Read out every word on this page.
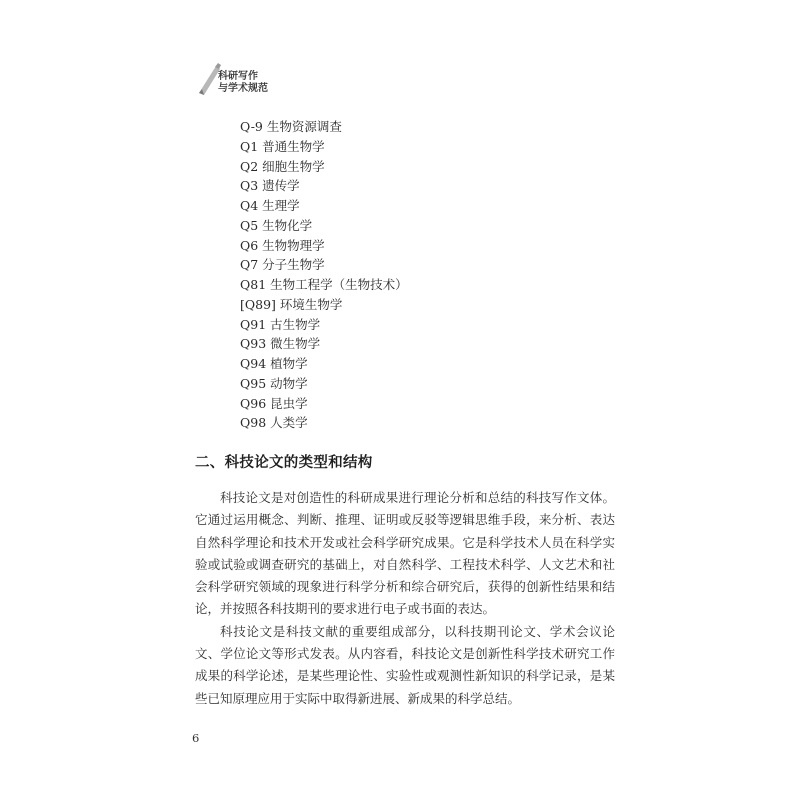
科研写作
与学术规范
Q-9 生物资源调查
Q1 普通生物学
Q2 细胞生物学
Q3 遗传学
Q4 生理学
Q5 生物化学
Q6 生物物理学
Q7 分子生物学
Q81 生物工程学（生物技术）
[Q89] 环境生物学
Q91 古生物学
Q93 微生物学
Q94 植物学
Q95 动物学
Q96 昆虫学
Q98 人类学
二、科技论文的类型和结构

科技论文是对创造性的科研成果进行理论分析和总结的科技写作文体。它通过运用概念、判断、推理、证明或反驳等逻辑思维手段，来分析、表达自然科学理论和技术开发或社会科学研究成果。它是科学技术人员在科学实验或试验或调查研究的基础上，对自然科学、工程技术科学、人文艺术和社会科学研究领域的现象进行科学分析和综合研究后，获得的创新性结果和结论，并按照各科技期刊的要求进行电子或书面的表达。

科技论文是科技文献的重要组成部分，以科技期刊论文、学术会议论文、学位论文等形式发表。从内容看，科技论文是创新性科学技术研究工作成果的科学论述，是某些理论性、实验性或观测性新知识的科学记录，是某些已知原理应用于实际中取得新进展、新成果的科学总结。

6
